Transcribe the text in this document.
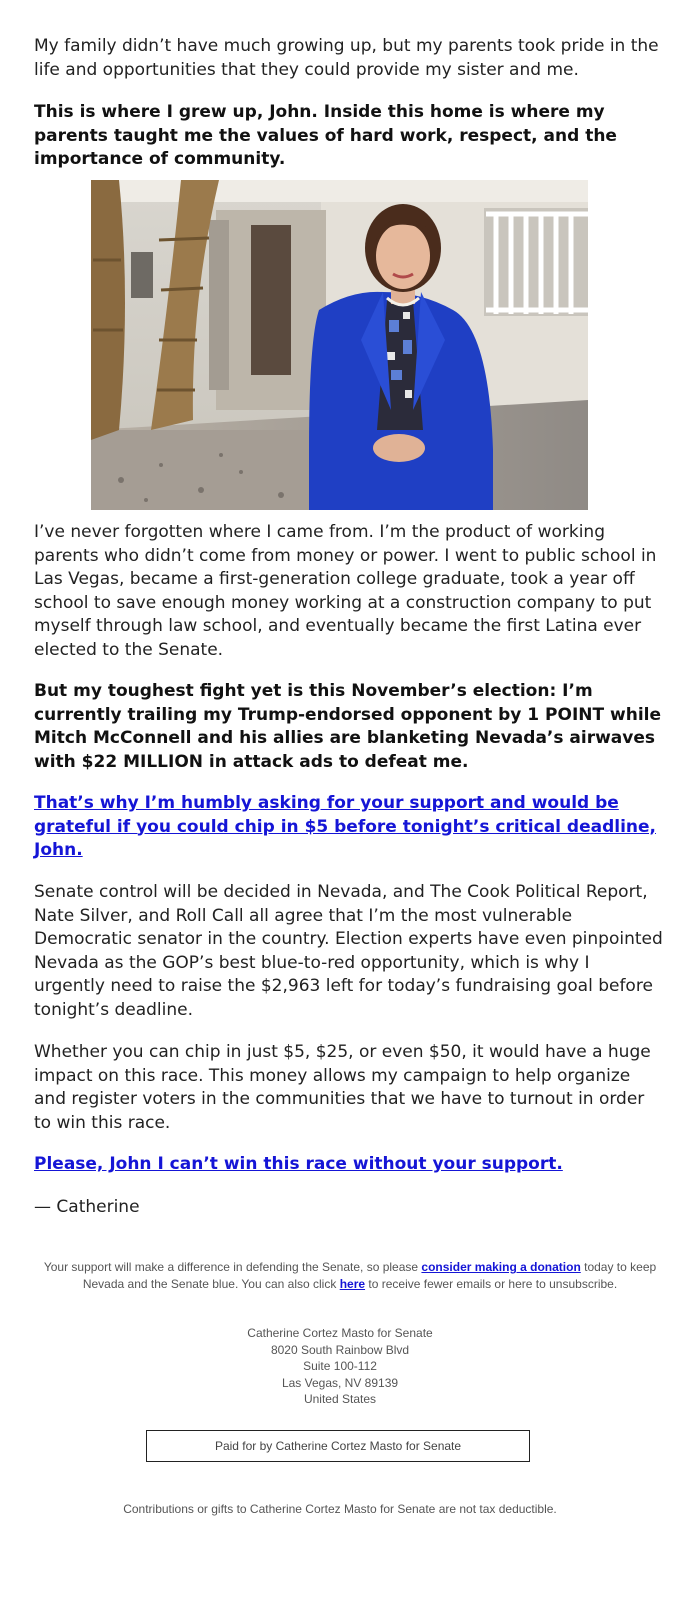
My family didn’t have much growing up, but my parents took pride in the life and opportunities that they could provide my sister and me.

This is where I grew up, John. Inside this home is where my parents taught me the values of hard work, respect, and the importance of community.

I’ve never forgotten where I came from. I’m the product of working parents who didn’t come from money or power. I went to public school in Las Vegas, became a first-generation college graduate, took a year off school to save enough money working at a construction company to put myself through law school, and eventually became the first Latina ever elected to the Senate.

But my toughest fight yet is this November’s election: I’m currently trailing my Trump-endorsed opponent by 1 POINT while Mitch McConnell and his allies are blanketing Nevada’s airwaves with $22 MILLION in attack ads to defeat me.

That’s why I’m humbly asking for your support and would be grateful if you could chip in $5 before tonight’s critical deadline, John.

Senate control will be decided in Nevada, and The Cook Political Report, Nate Silver, and Roll Call all agree that I’m the most vulnerable Democratic senator in the country. Election experts have even pinpointed Nevada as the GOP’s best blue-to-red opportunity, which is why I urgently need to raise the $2,963 left for today’s fundraising goal before tonight’s deadline.

Whether you can chip in just $5, $25, or even $50, it would have a huge impact on this race. This money allows my campaign to help organize and register voters in the communities that we have to turnout in order to win this race.

Please, John I can’t win this race without your support.

— Catherine

Your support will make a difference in defending the Senate, so please consider making a donation today to keep Nevada and the Senate blue. You can also click here to receive fewer emails or here to unsubscribe.
Catherine Cortez Masto for Senate
8020 South Rainbow Blvd
Suite 100-112
Las Vegas, NV 89139
United States
Paid for by Catherine Cortez Masto for Senate
Contributions or gifts to Catherine Cortez Masto for Senate are not tax deductible.
